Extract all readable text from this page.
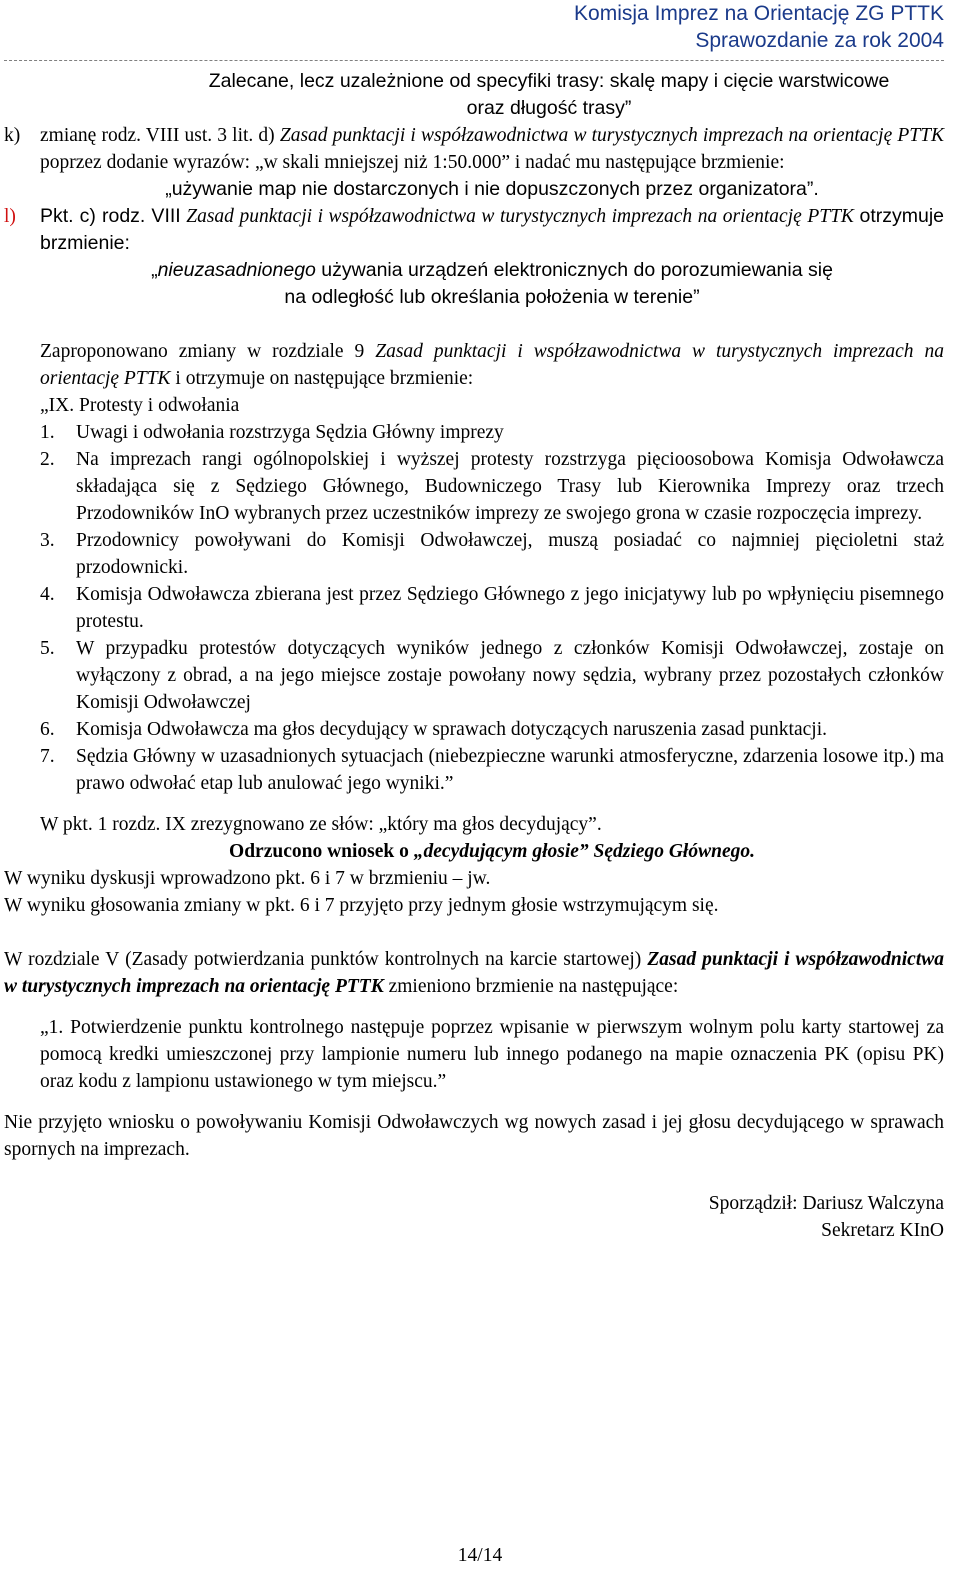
Komisja Imprez na Orientację ZG PTTK
Sprawozdanie za rok 2004

Zalecane, lecz uzależnione od specyfiki trasy: skalę mapy i cięcie warstwicowe

oraz długość trasy”

k)	zmianę rodz. VIII ust. 3 lit. d) Zasad punktacji i współzawodnictwa w turystycznych imprezach na orientację PTTK poprzez dodanie wyrazów: „w skali mniejszej niż 1:50.000” i nadać mu następujące brzmienie:

„używanie map nie dostarczonych i nie dopuszczonych przez organizatora”.

l)	Pkt. c) rodz. VIII Zasad punktacji i współzawodnictwa w turystycznych imprezach na orientację PTTK otrzymuje brzmienie:

„nieuzasadnionego używania urządzeń elektronicznych do porozumiewania się

na odległość lub określania położenia w terenie”

Zaproponowano zmiany w rozdziale 9 Zasad punktacji i współzawodnictwa w turystycznych imprezach na orientację PTTK i otrzymuje on następujące brzmienie:

„IX. Protesty i odwołania

1.	Uwagi i odwołania rozstrzyga Sędzia Główny imprezy
2.	Na imprezach rangi ogólnopolskiej i wyższej protesty rozstrzyga pięcioosobowa Komisja Odwoławcza składająca się z Sędziego Głównego, Budowniczego Trasy lub Kierownika Imprezy oraz trzech Przodowników InO wybranych przez uczestników imprezy ze swojego grona w czasie rozpoczęcia imprezy.
3.	Przodownicy powoływani do Komisji Odwoławczej, muszą posiadać co najmniej pięcioletni staż przodownicki.
4.	Komisja Odwoławcza zbierana jest przez Sędziego Głównego z jego inicjatywy lub po wpłynięciu pisemnego protestu.
5.	W przypadku protestów dotyczących wyników jednego z członków Komisji Odwoławczej, zostaje on wyłączony z obrad, a na jego miejsce zostaje powołany nowy sędzia, wybrany przez pozostałych członków Komisji Odwoławczej
6.	Komisja Odwoławcza ma głos decydujący w sprawach dotyczących naruszenia zasad punktacji.
7.	Sędzia Główny w uzasadnionych sytuacjach (niebezpieczne warunki atmosferyczne, zdarzenia losowe itp.) ma prawo odwołać etap lub anulować jego wyniki.”

W pkt. 1 rozdz. IX zrezygnowano ze słów: „który ma głos decydujący”.

Odrzucono wniosek o „decydującym głosie” Sędziego Głównego.

W wyniku dyskusji wprowadzono pkt. 6 i 7 w brzmieniu – jw.

W wyniku głosowania zmiany w pkt. 6 i 7 przyjęto przy jednym głosie wstrzymującym się.

W rozdziale V (Zasady potwierdzania punktów kontrolnych na karcie startowej) Zasad punktacji i współzawodnictwa w turystycznych imprezach na orientację PTTK zmieniono brzmienie na następujące:

„1. Potwierdzenie punktu kontrolnego następuje poprzez wpisanie w pierwszym wolnym polu karty startowej za pomocą kredki umieszczonej przy lampionie numeru lub innego podanego na mapie oznaczenia PK (opisu PK) oraz kodu z lampionu ustawionego w tym miejscu.”

Nie przyjęto wniosku o powoływaniu Komisji Odwoławczych wg nowych zasad i jej głosu decydującego w sprawach spornych na imprezach.

Sporządził: Dariusz Walczyna

Sekretarz KInO

14/14
